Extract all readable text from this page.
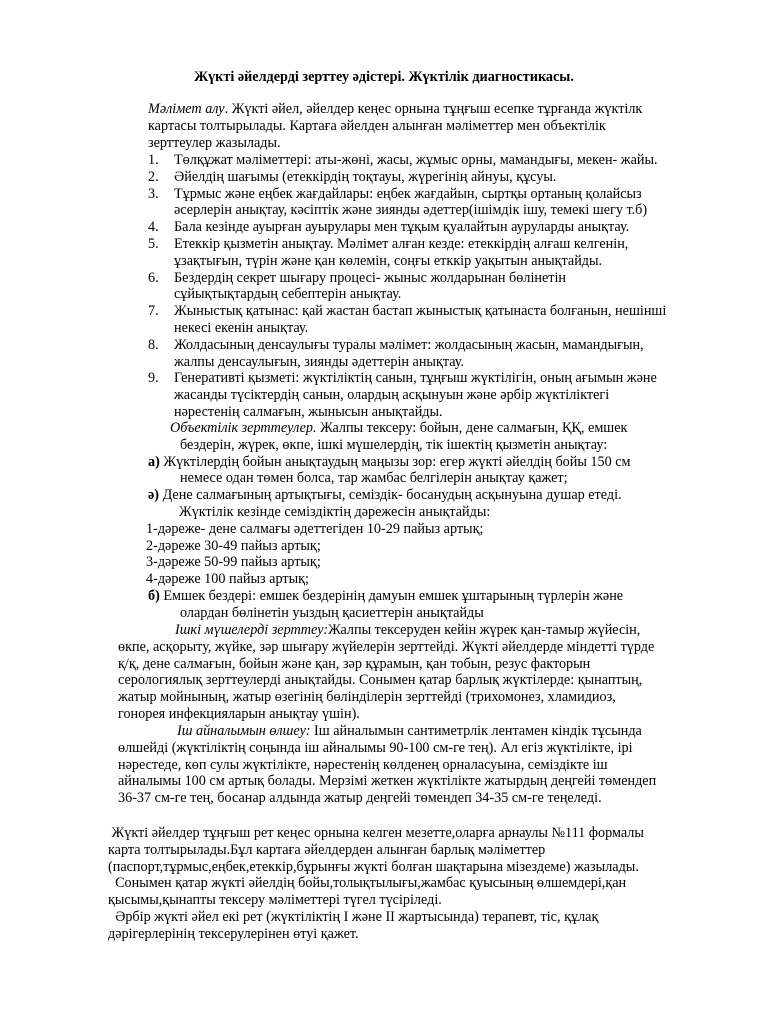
Жүкті әйелдерді зерттеу әдістері. Жүктілік диагностикасы.
Мәлімет алу. Жүкті әйел, әйелдер кеңес орнына тұңғыш есепке тұрғанда жүктілк
картасы толтырылады. Картаға әйелден алынған мәліметтер мен объектілік
зерттеулер жазылады.
1. Төлқұжат мәліметтері: аты-жөні, жасы, жұмыс орны, мамандығы, мекен- жайы.
2. Әйелдің шағымы (етеккірдің тоқтауы, жүрегінің айнуы, құсуы.
3. Тұрмыс және еңбек жағдайлары: еңбек жағдайын, сыртқы ортаның қолайсыз
әсерлерін анықтау, кәсіптік және зиянды әдеттер(ішімдік ішу, темекі шегу т.б)
4. Бала кезінде ауырған ауырулары мен тұқым қуалайтын ауруларды анықтау.
5. Етеккір қызметін анықтау. Мәлімет алған кезде: етеккірдің алғаш келгенін,
ұзақтығын, түрін және қан көлемін, соңғы етккір уақытын анықтайды.
6. Бездердің секрет шығару процесі- жыныс жолдарынан бөлінетін
сұйықтықтардың себептерін анықтау.
7. Жыныстық қатынас: қай жастан бастап жыныстық қатынаста болғанын, нешінші
некесі екенін анықтау.
8. Жолдасының денсаулығы туралы мәлімет: жолдасының жасын, мамандығын,
жалпы денсаулығын, зиянды әдеттерін анықтау.
9. Генеративті қызметі: жүктіліктің санын, тұңғыш жүктілігін, оның ағымын және
жасанды түсіктердің санын, олардың асқынуын және әрбір жүктіліктегі
нәрестенің салмағын, жынысын анықтайды.
Объектілік зерттеулер. Жалпы тексеру: бойын, дене салмағын, ҚҚ, емшек
бездерін, жүрек, өкпе, ішкі мүшелердің, тік ішектің қызметін анықтау:
а) Жүктілердің бойын анықтаудың маңызы зор: егер жүкті әйелдің бойы 150 см
немесе одан төмен болса, тар жамбас белгілерін анықтау қажет;
ә) Дене салмағының артықтығы, семіздік- босанудың асқынуына душар етеді.
Жүктілік кезінде семіздіктің дәрежесін анықтайды:
1-дәреже- дене салмағы әдеттегіден 10-29 пайыз артық;
2-дәреже 30-49 пайыз артық;
3-дәреже 50-99 пайыз артық;
4-дәреже 100 пайыз артық;
б) Емшек бездері: емшек бездерінің дамуын емшек ұштарының түрлерін және
олардан бөлінетін уыздың қасиеттерін анықтайды
Ішкі мүшелерді зерттеу:Жалпы тексеруден кейін жүрек қан-тамыр жүйесін,
өкпе, асқорыту, жүйке, зәр шығару жүйелерін зерттейді. Жүкті әйелдерде міндетті түрде
қ/қ, дене салмағын, бойын және қан, зәр құрамын, қан тобын, резус факторын
серологиялық зерттеулерді анықтайды. Сонымен қатар барлық жүктілерде: қынаптың,
жатыр мойнының, жатыр өзегінің бөлінділерін зерттейді (трихомонез, хламидиоз,
гонорея инфекцияларын анықтау үшін).
Іш айналымын өлшеу: Іш айналымын сантиметрлік лентамен кіндік тұсында
өлшейді (жүктіліктің соңында іш айналымы 90-100 см-ге тең). Ал егіз жүктілікте, ірі
нәрестеде, көп сулы жүктілікте, нәрестенің көлденең орналасуына, семіздікте іш
айналымы 100 см артық болады. Мерзімі жеткен жүктілікте жатырдың деңгейі төмендеп
36-37 см-ге тең, босанар алдында жатыр деңгейі төмендеп 34-35 см-ге теңеледі.
Жүкті әйелдер тұңғыш рет кеңес орнына келген мезетте,оларға арнаулы №111 формалы
карта толтырылады.Бұл картаға әйелдерден алынған барлық мәліметтер
(паспорт,тұрмыс,еңбек,етеккір,бұрынғы жүкті болған шақтарына мізездеме) жазылады.
Сонымен қатар жүкті әйелдің бойы,толықтылығы,жамбас қуысының өлшемдері,қан
қысымы,қынапты тексеру мәліметтері түгел түсіріледі.
Әрбір жүкті әйел екі рет (жүктіліктің І және ІІ жартысында) терапевт, тіс, құлақ
дәрігерлерінің тексерулерінен өтуі қажет.
